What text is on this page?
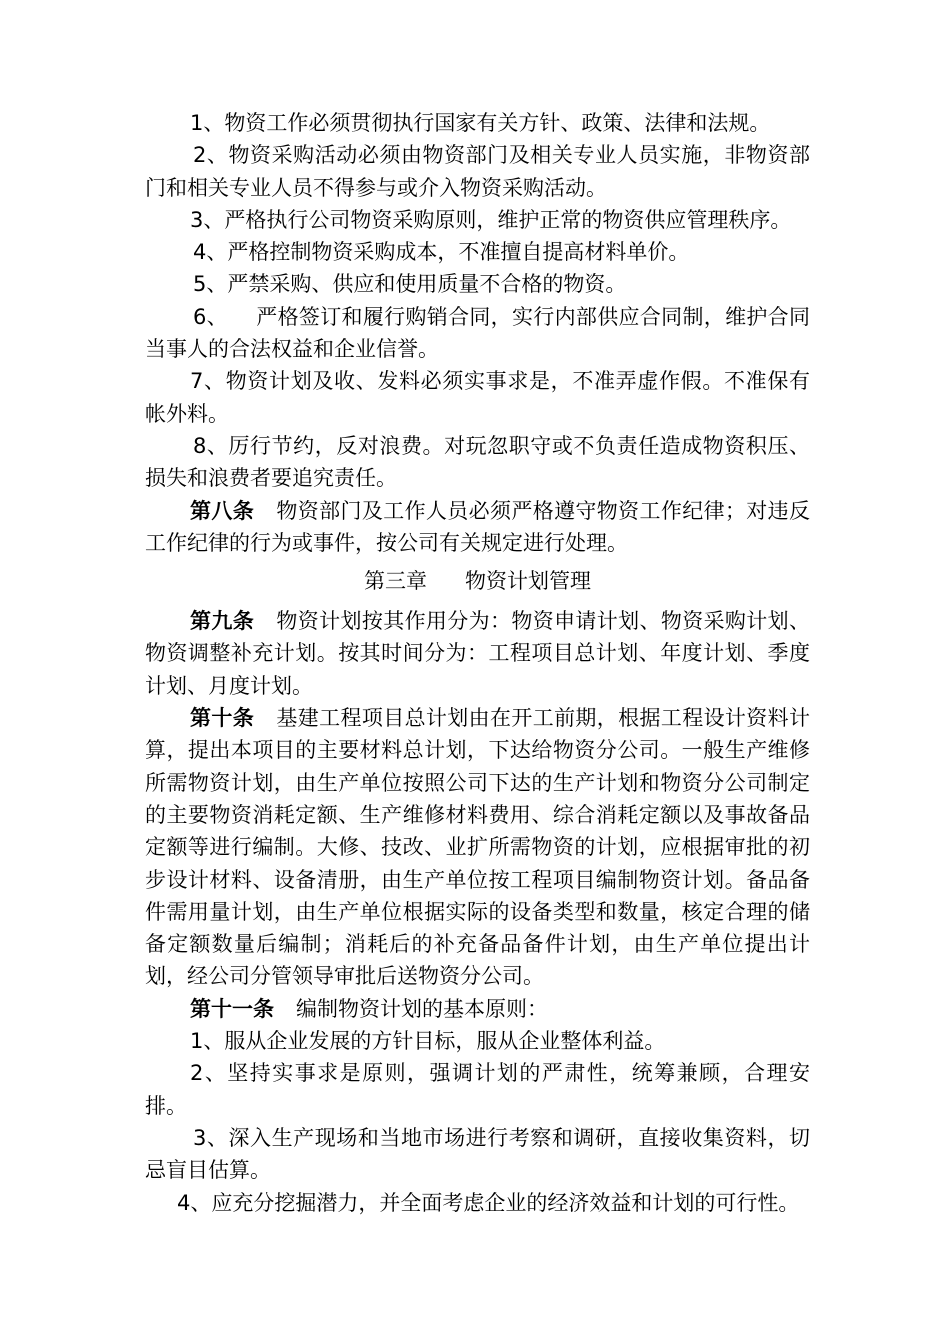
1、物资工作必须贯彻执行国家有关方针、政策、法律和法规。

2、物资采购活动必须由物资部门及相关专业人员实施，非物资部门和相关专业人员不得参与或介入物资采购活动。

3、严格执行公司物资采购原则，维护正常的物资供应管理秩序。

4、严格控制物资采购成本，不准擅自提高材料单价。

5、严禁采购、供应和使用质量不合格的物资。

6、 严格签订和履行购销合同，实行内部供应合同制，维护合同当事人的合法权益和企业信誉。

7、物资计划及收、发料必须实事求是，不准弄虚作假。不准保有帐外料。

8、厉行节约，反对浪费。对玩忽职守或不负责任造成物资积压、损失和浪费者要追究责任。

第八条 物资部门及工作人员必须严格遵守物资工作纪律；对违反工作纪律的行为或事件，按公司有关规定进行处理。

第三章 物资计划管理

第九条 物资计划按其作用分为：物资申请计划、物资采购计划、物资调整补充计划。按其时间分为：工程项目总计划、年度计划、季度计划、月度计划。

第十条 基建工程项目总计划由在开工前期，根据工程设计资料计算，提出本项目的主要材料总计划，下达给物资分公司。一般生产维修所需物资计划，由生产单位按照公司下达的生产计划和物资分公司制定的主要物资消耗定额、生产维修材料费用、综合消耗定额以及事故备品定额等进行编制。大修、技改、业扩所需物资的计划，应根据审批的初步设计材料、设备清册，由生产单位按工程项目编制物资计划。备品备件需用量计划，由生产单位根据实际的设备类型和数量，核定合理的储备定额数量后编制；消耗后的补充备品备件计划，由生产单位提出计划，经公司分管领导审批后送物资分公司。

第十一条 编制物资计划的基本原则：

1、服从企业发展的方针目标，服从企业整体利益。

2、坚持实事求是原则，强调计划的严肃性，统筹兼顾，合理安排。

3、深入生产现场和当地市场进行考察和调研，直接收集资料，切忌盲目估算。

4、应充分挖掘潜力，并全面考虑企业的经济效益和计划的可行性。
